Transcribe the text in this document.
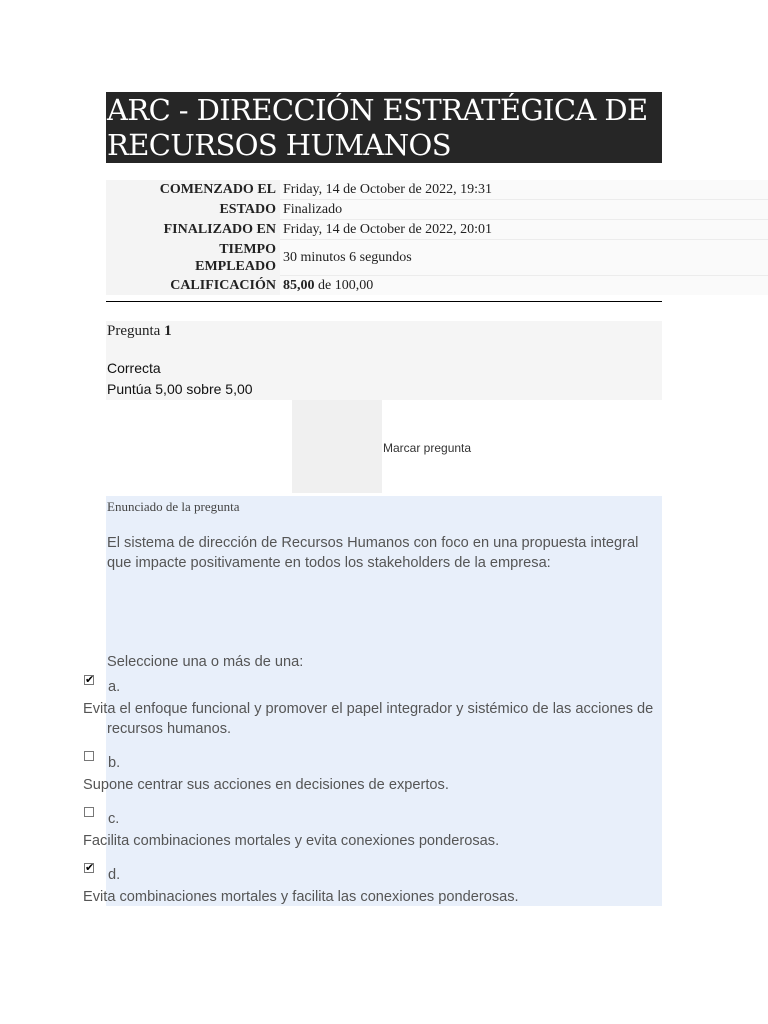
ARC - DIRECCIÓN ESTRATÉGICA DE RECURSOS HUMANOS
COMENZADO EL	Friday, 14 de October de 2022, 19:31
ESTADO	Finalizado
FINALIZADO EN	Friday, 14 de October de 2022, 20:01
TIEMPO EMPLEADO	30 minutos 6 segundos
CALIFICACIÓN	85,00 de 100,00
Pregunta 1
Correcta
Puntúa 5,00 sobre 5,00
Marcar pregunta
Enunciado de la pregunta
El sistema de dirección de Recursos Humanos con foco en una propuesta integral que impacte positivamente en todos los stakeholders de la empresa:
Seleccione una o más de una:
✔ a.
Evita el enfoque funcional y promover el papel integrador y sistémico de las acciones de recursos humanos.
b.
Supone centrar sus acciones en decisiones de expertos.
c.
Facilita combinaciones mortales y evita conexiones ponderosas.
✔ d.
Evita combinaciones mortales y facilita las conexiones ponderosas.
